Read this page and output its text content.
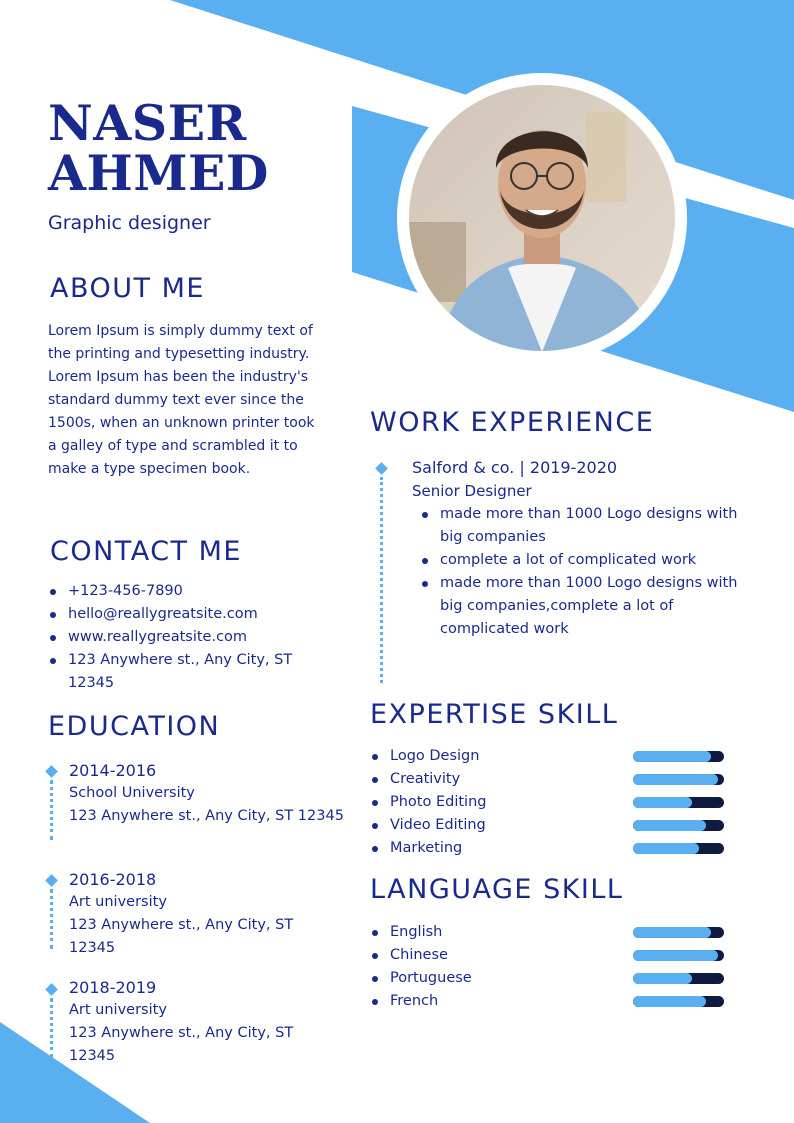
NASER
AHMED
Graphic designer
ABOUT ME
Lorem Ipsum is simply dummy text of
the printing and typesetting industry.
Lorem Ipsum has been the industry's
standard dummy text ever since the
1500s, when an unknown printer took
a galley of type and scrambled it to
make a type specimen book.
CONTACT ME
+123-456-7890
hello@reallygreatsite.com
www.reallygreatsite.com
123 Anywhere st., Any City, ST
12345
EDUCATION
2014-2016
School University
123 Anywhere st., Any City, ST 12345
2016-2018
Art university
123 Anywhere st., Any City, ST
12345
2018-2019
Art university
123 Anywhere st., Any City, ST
12345
WORK EXPERIENCE
Salford & co. | 2019-2020
Senior Designer
made more than 1000 Logo designs with
big companies
complete a lot of complicated work
made more than 1000 Logo designs with
big companies,complete a lot of
complicated work
EXPERTISE SKILL
Logo Design
Creativity
Photo Editing
Video Editing
Marketing
LANGUAGE SKILL
English
Chinese
Portuguese
French
